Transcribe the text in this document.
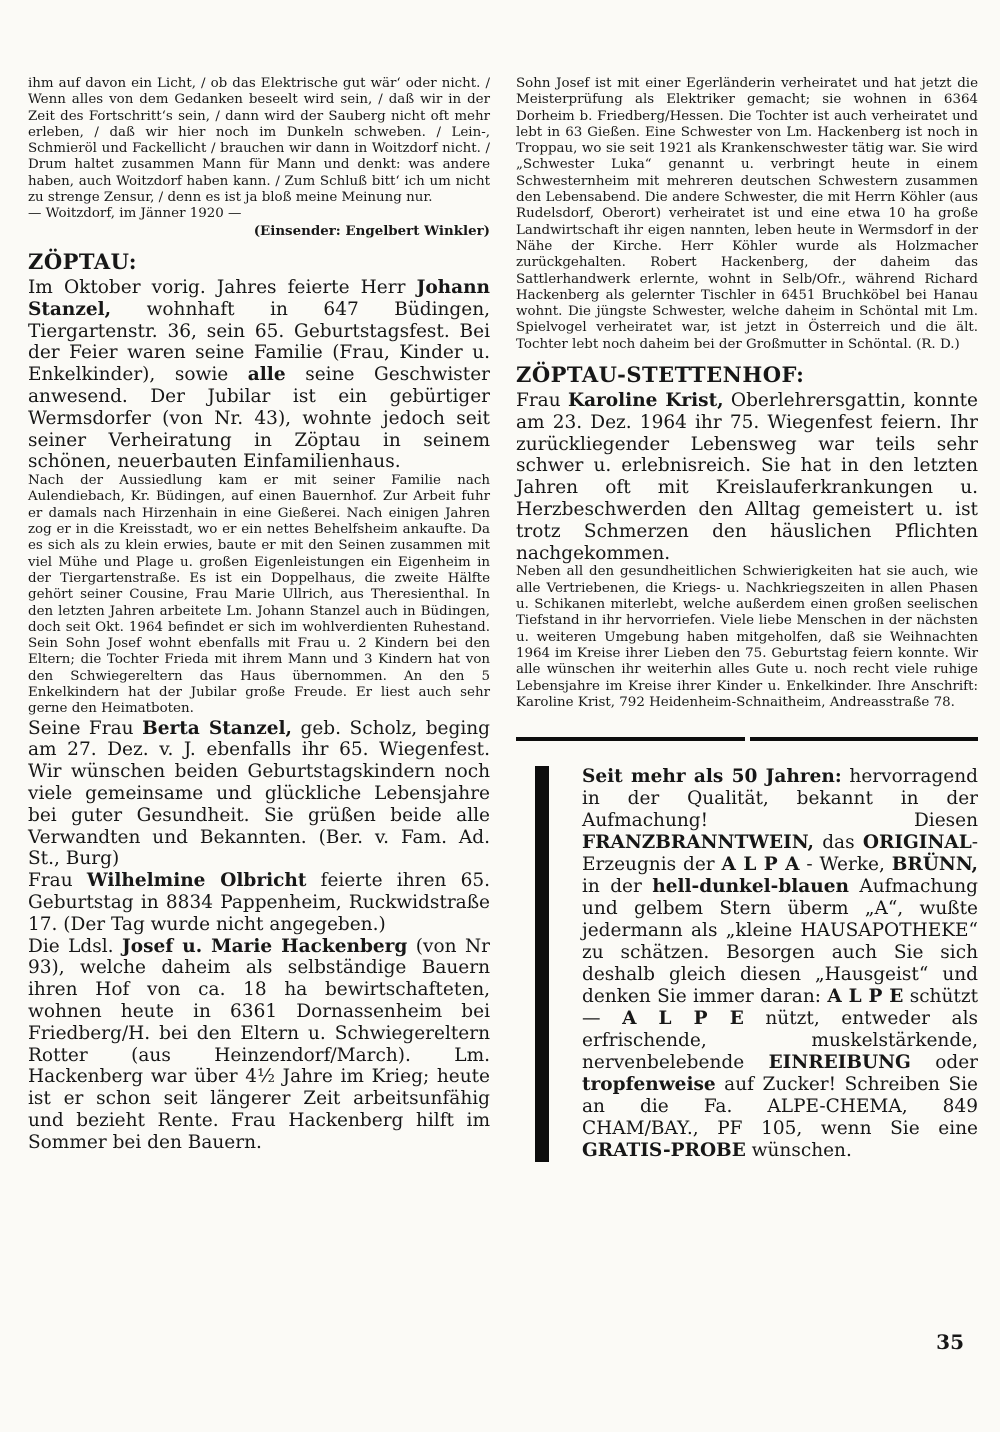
ihm auf davon ein Licht, / ob das Elektrische gut wär‘ oder nicht. / Wenn alles von dem Gedanken beseelt wird sein, / daß wir in der Zeit des Fortschritt‘s sein, / dann wird der Sauberg nicht oft mehr erleben, / daß wir hier noch im Dunkeln schweben. / Lein-, Schmieröl und Fackellicht / brauchen wir dann in Woitzdorf nicht. / Drum haltet zusammen Mann für Mann und denkt: was andere haben, auch Woitzdorf haben kann. / Zum Schluß bitt‘ ich um nicht zu strenge Zensur, / denn es ist ja bloß meine Meinung nur.

— Woitzdorf, im Jänner 1920 —

(Einsender: Engelbert Winkler)

ZÖPTAU:

Im Oktober vorig. Jahres feierte Herr Johann Stanzel, wohnhaft in 647 Büdingen, Tiergartenstr. 36, sein 65. Geburtstagsfest. Bei der Feier waren seine Familie (Frau, Kinder u. Enkelkinder), sowie alle seine Geschwister anwesend. Der Jubilar ist ein gebürtiger Wermsdorfer (von Nr. 43), wohnte jedoch seit seiner Verheiratung in Zöptau in seinem schönen, neuerbauten Einfamilienhaus.

Nach der Aussiedlung kam er mit seiner Familie nach Aulendiebach, Kr. Büdingen, auf einen Bauernhof. Zur Arbeit fuhr er damals nach Hirzenhain in eine Gießerei. Nach einigen Jahren zog er in die Kreisstadt, wo er ein nettes Behelfsheim ankaufte. Da es sich als zu klein erwies, baute er mit den Seinen zusammen mit viel Mühe und Plage u. großen Eigenleistungen ein Eigenheim in der Tiergartenstraße. Es ist ein Doppelhaus, die zweite Hälfte gehört seiner Cousine, Frau Marie Ullrich, aus Theresienthal. In den letzten Jahren arbeitete Lm. Johann Stanzel auch in Büdingen, doch seit Okt. 1964 befindet er sich im wohlverdienten Ruhestand. Sein Sohn Josef wohnt ebenfalls mit Frau u. 2 Kindern bei den Eltern; die Tochter Frieda mit ihrem Mann und 3 Kindern hat von den Schwiegereltern das Haus übernommen. An den 5 Enkelkindern hat der Jubilar große Freude. Er liest auch sehr gerne den Heimatboten.

Seine Frau Berta Stanzel, geb. Scholz, beging am 27. Dez. v. J. ebenfalls ihr 65. Wiegenfest. Wir wünschen beiden Geburtstagskindern noch viele gemeinsame und glückliche Lebensjahre bei guter Gesundheit. Sie grüßen beide alle Verwandten und Bekannten. (Ber. v. Fam. Ad. St., Burg)

Frau Wilhelmine Olbricht feierte ihren 65. Geburtstag in 8834 Pappenheim, Ruckwidstraße 17. (Der Tag wurde nicht angegeben.)

Die Ldsl. Josef u. Marie Hackenberg (von Nr 93), welche daheim als selbständige Bauern ihren Hof von ca. 18 ha bewirtschafteten, wohnen heute in 6361 Dornassenheim bei Friedberg/H. bei den Eltern u. Schwiegereltern Rotter (aus Heinzendorf/March). Lm. Hackenberg war über 4½ Jahre im Krieg; heute ist er schon seit längerer Zeit arbeitsunfähig und bezieht Rente. Frau Hackenberg hilft im Sommer bei den Bauern.

Sohn Josef ist mit einer Egerländerin verheiratet und hat jetzt die Meisterprüfung als Elektriker gemacht; sie wohnen in 6364 Dorheim b. Friedberg/Hessen. Die Tochter ist auch verheiratet und lebt in 63 Gießen. Eine Schwester von Lm. Hackenberg ist noch in Troppau, wo sie seit 1921 als Krankenschwester tätig war. Sie wird „Schwester Luka“ genannt u. verbringt heute in einem Schwesternheim mit mehreren deutschen Schwestern zusammen den Lebensabend. Die andere Schwester, die mit Herrn Köhler (aus Rudelsdorf, Oberort) verheiratet ist und eine etwa 10 ha große Landwirtschaft ihr eigen nannten, leben heute in Wermsdorf in der Nähe der Kirche. Herr Köhler wurde als Holzmacher zurückgehalten. Robert Hackenberg, der daheim das Sattlerhandwerk erlernte, wohnt in Selb/Ofr., während Richard Hackenberg als gelernter Tischler in 6451 Bruchköbel bei Hanau wohnt. Die jüngste Schwester, welche daheim in Schöntal mit Lm. Spielvogel verheiratet war, ist jetzt in Österreich und die ält. Tochter lebt noch daheim bei der Großmutter in Schöntal. (R. D.)

ZÖPTAU-STETTENHOF:

Frau Karoline Krist, Oberlehrersgattin, konnte am 23. Dez. 1964 ihr 75. Wiegenfest feiern. Ihr zurückliegender Lebensweg war teils sehr schwer u. erlebnisreich. Sie hat in den letzten Jahren oft mit Kreislauferkrankungen u. Herzbeschwerden den Alltag gemeistert u. ist trotz Schmerzen den häuslichen Pflichten nachgekommen.

Neben all den gesundheitlichen Schwierigkeiten hat sie auch, wie alle Vertriebenen, die Kriegs- u. Nachkriegszeiten in allen Phasen u. Schikanen miterlebt, welche außerdem einen großen seelischen Tiefstand in ihr hervorriefen. Viele liebe Menschen in der nächsten u. weiteren Umgebung haben mitgeholfen, daß sie Weihnachten 1964 im Kreise ihrer Lieben den 75. Geburtstag feiern konnte. Wir alle wünschen ihr weiterhin alles Gute u. noch recht viele ruhige Lebensjahre im Kreise ihrer Kinder u. Enkelkinder. Ihre Anschrift: Karoline Krist, 792 Heidenheim-Schnaitheim, Andreasstraße 78.

Seit mehr als 50 Jahren: hervorragend in der Qualität, bekannt in der Aufmachung! Diesen FRANZBRANNTWEIN, das ORIGINAL-Erzeugnis der A L P A - Werke, BRÜNN, in der hell-dunkel-blauen Aufmachung und gelbem Stern überm „A“, wußte jedermann als „kleine HAUSAPOTHEKE“ zu schätzen. Besorgen auch Sie sich deshalb gleich diesen „Hausgeist“ und denken Sie immer daran: A L P E schützt — A L P E nützt, entweder als erfrischende, muskelstärkende, nervenbelebende EINREIBUNG oder tropfenweise auf Zucker! Schreiben Sie an die Fa. ALPE-CHEMA, 849 CHAM/BAY., PF 105, wenn Sie eine GRATIS-PROBE wünschen.

35
